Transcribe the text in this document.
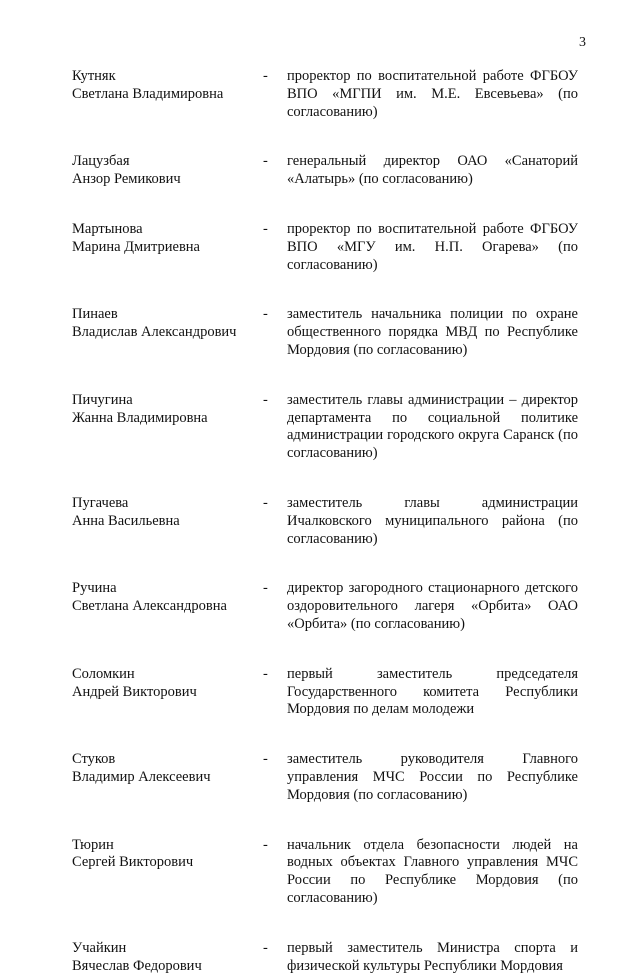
3
Кутняк
Светлана Владимировна
-	проректор по воспитательной работе ФГБОУ ВПО «МГПИ им. М.Е. Евсевьева» (по согласованию)
Лацузбая
Анзор Ремикович
-	генеральный директор ОАО «Санаторий «Алатырь» (по согласованию)
Мартынова
Марина Дмитриевна
-	проректор по воспитательной работе ФГБОУ ВПО «МГУ им. Н.П. Огарева» (по согласованию)
Пинаев
Владислав Александрович
-	заместитель начальника полиции по охране общественного порядка МВД по Республике Мордовия (по согласованию)
Пичугина
Жанна Владимировна
-	заместитель главы администрации – директор департамента по социальной политике администрации городского округа Саранск (по согласованию)
Пугачева
Анна Васильевна
-	заместитель главы администрации Ичалковского муниципального района (по согласованию)
Ручина
Светлана Александровна
-	директор загородного стационарного детского оздоровительного лагеря «Орбита» ОАО «Орбита» (по согласованию)
Соломкин
Андрей Викторович
-	первый заместитель председателя Государственного комитета Республики Мордовия по делам молодежи
Стуков
Владимир Алексеевич
-	заместитель руководителя Главного управления МЧС России по Республике Мордовия (по согласованию)
Тюрин
Сергей Викторович
-	начальник отдела безопасности людей на водных объектах Главного управления МЧС России по Республике Мордовия (по согласованию)
Учайкин
Вячеслав Федорович
-	первый заместитель Министра спорта и физической культуры Республики Мордовия
